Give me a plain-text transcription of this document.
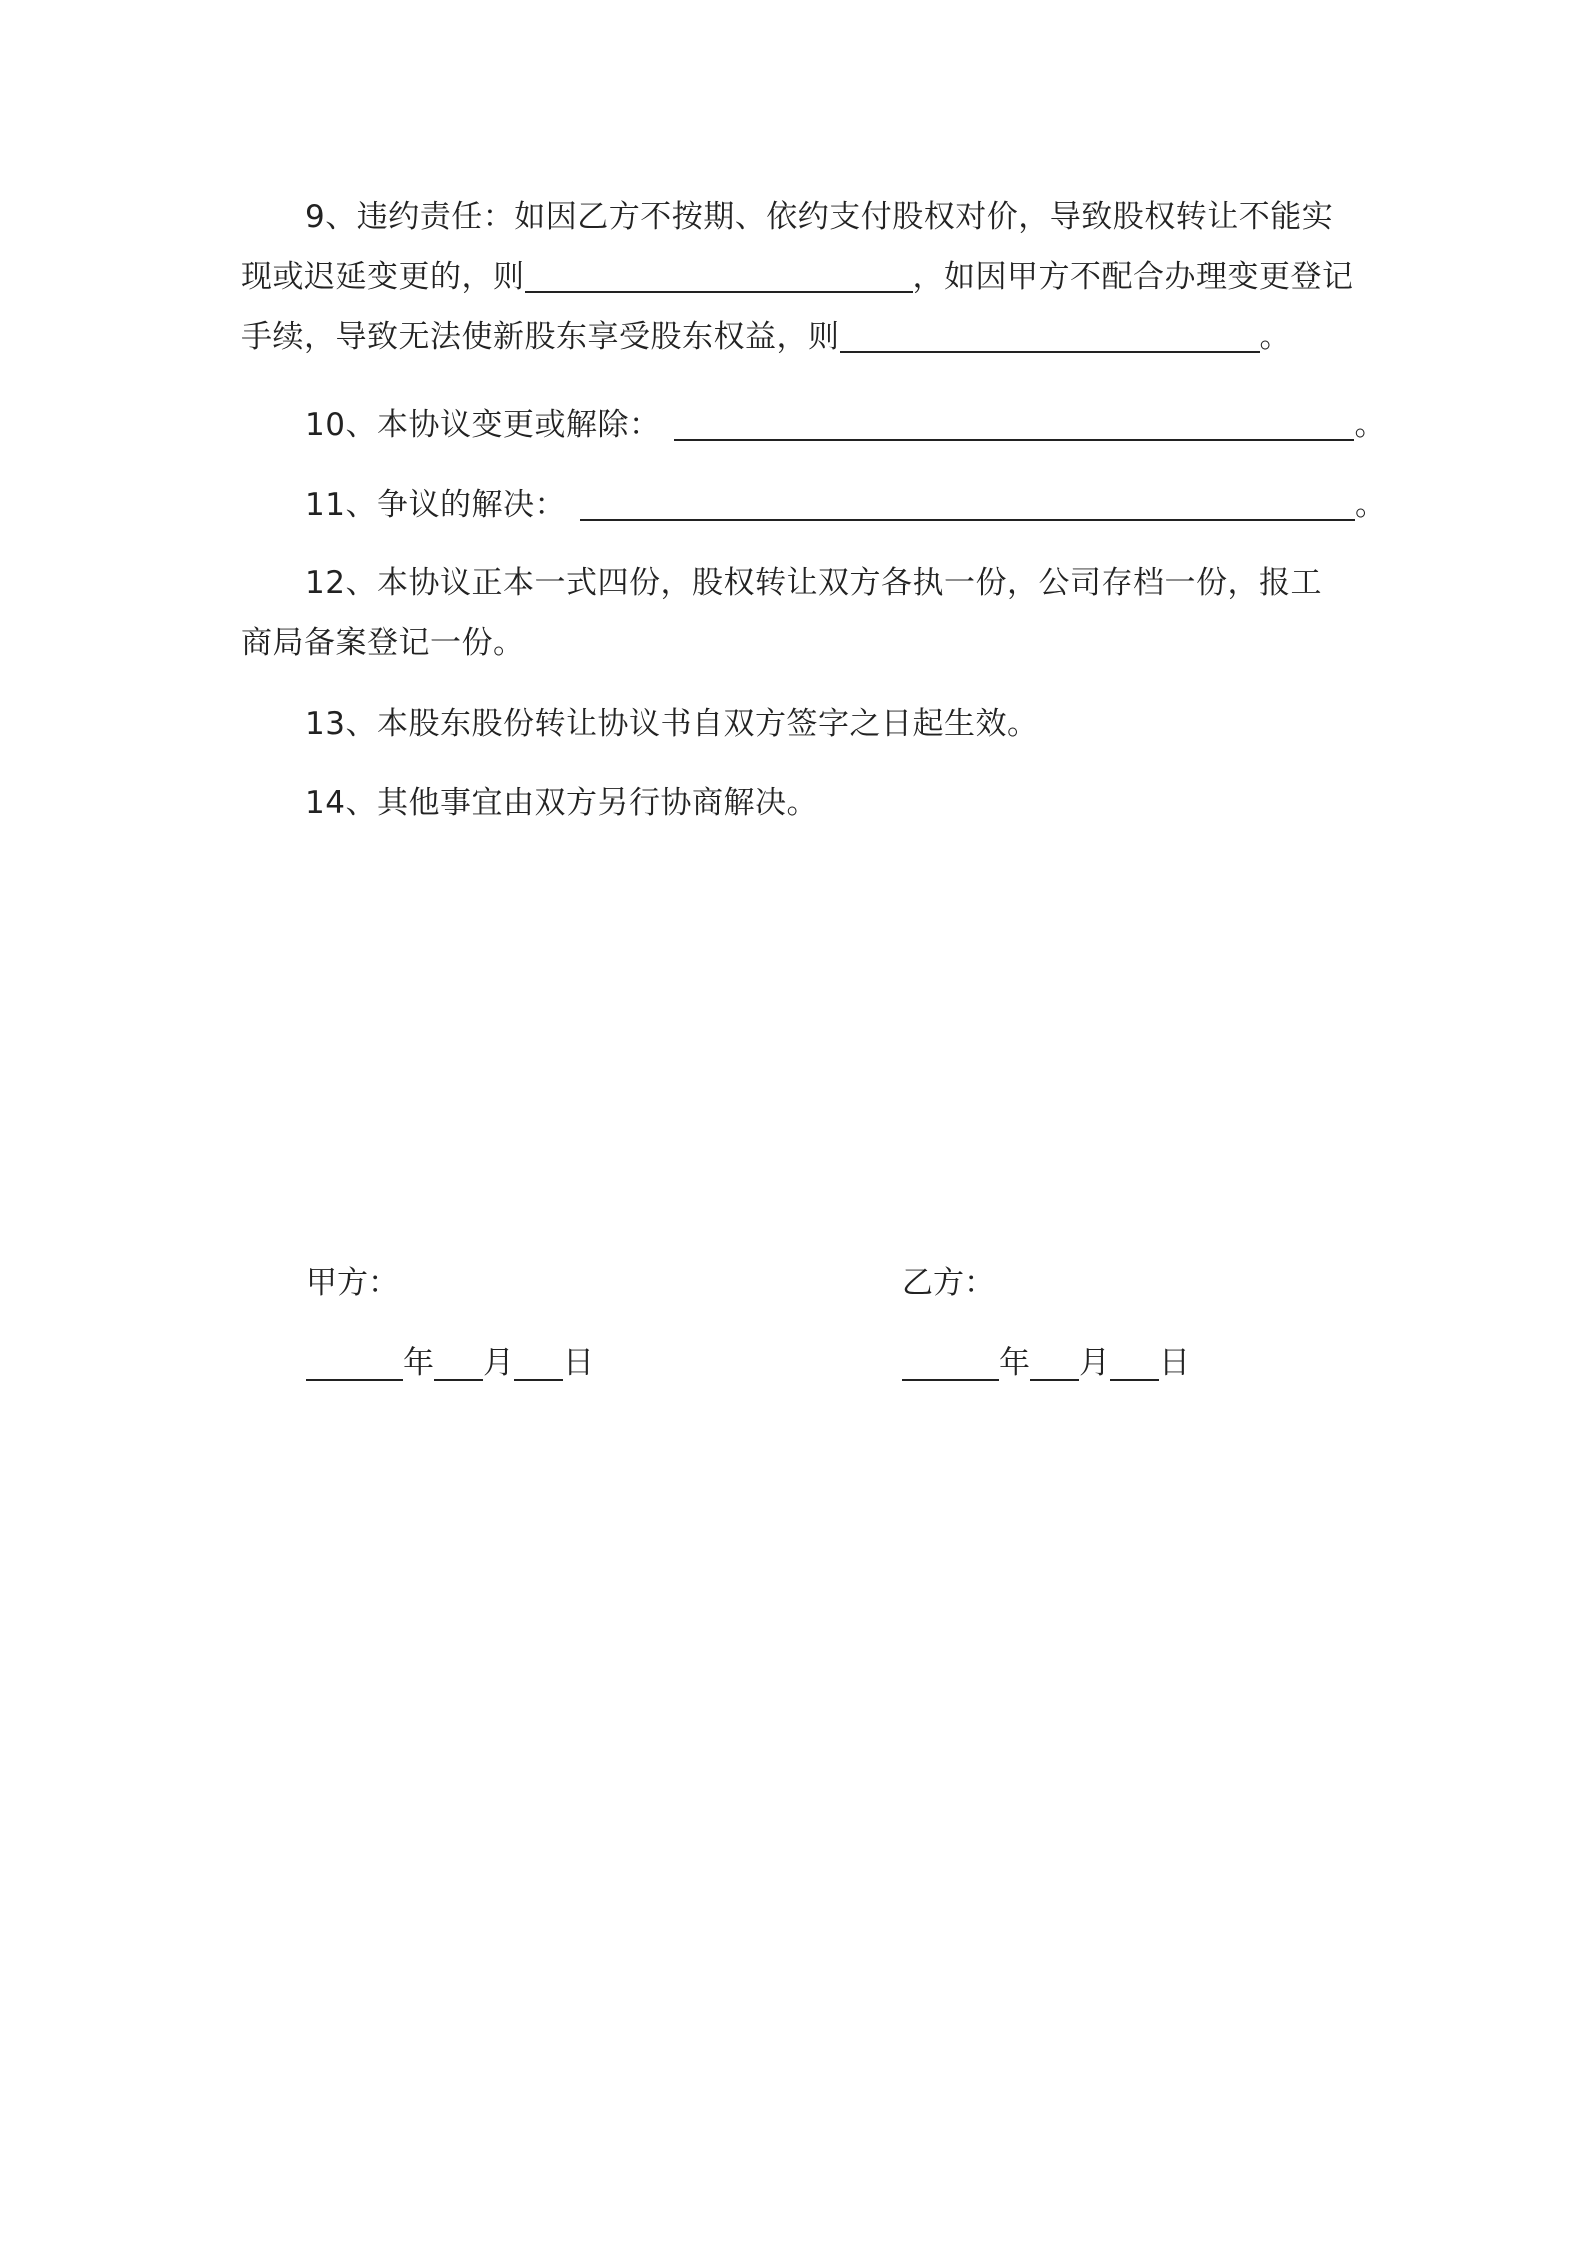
9、违约责任：如因乙方不按期、依约支付股权对价，导致股权转让不能实
现或迟延变更的，则	，如因甲方不配合办理变更登记
手续，导致无法使新股东享受股东权益，则	。
10、本协议变更或解除：	。
11、争议的解决：	。
12、本协议正本一式四份，股权转让双方各执一份，公司存档一份，报工
商局备案登记一份。
13、本股东股份转让协议书自双方签字之日起生效。
14、其他事宜由双方另行协商解决。
甲方：
年 月 日
乙方：
年 月 日
